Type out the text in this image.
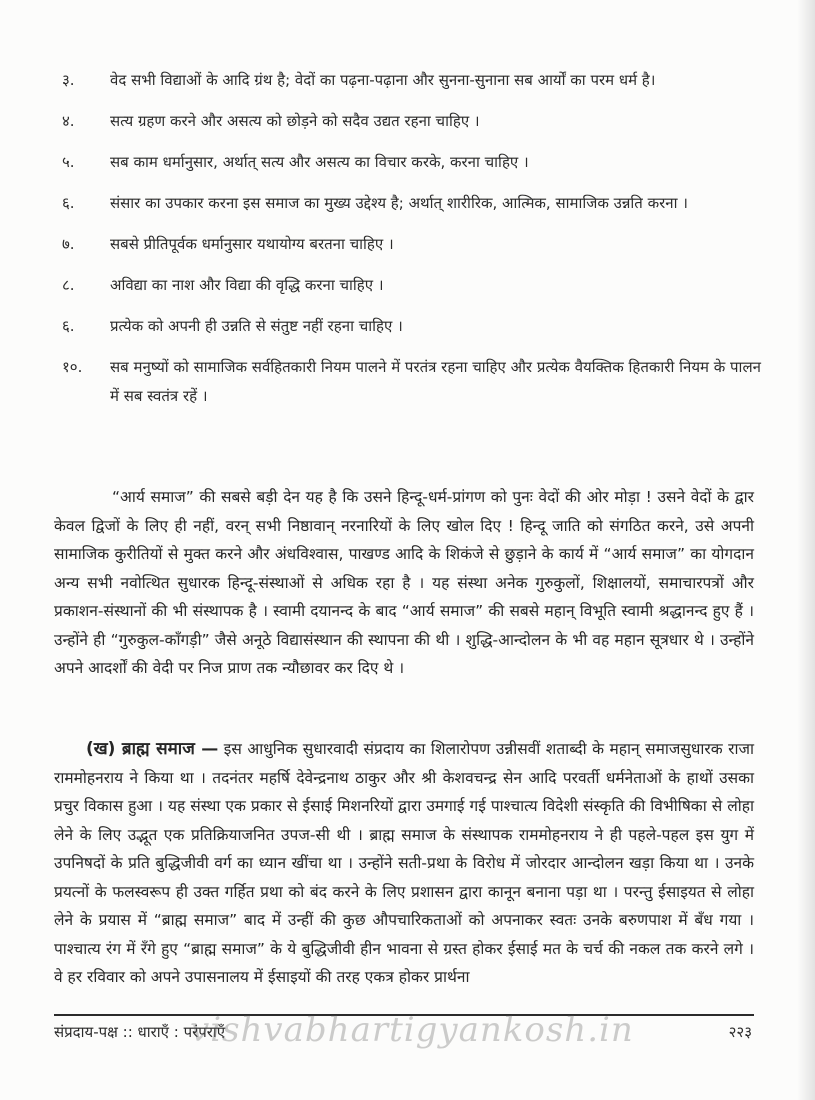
३.	वेद सभी विद्याओं के आदि ग्रंथ है; वेदों का पढ़ना-पढ़ाना और सुनना-सुनाना सब आर्यों का परम धर्म है।
४.	सत्य ग्रहण करने और असत्य को छोड़ने को सदैव उद्यत रहना चाहिए ।
५.	सब काम धर्मानुसार, अर्थात् सत्य और असत्य का विचार करके, करना चाहिए ।
६.	संसार का उपकार करना इस समाज का मुख्य उद्देश्य है; अर्थात् शारीरिक, आत्मिक, सामाजिक उन्नति करना ।
७.	सबसे प्रीतिपूर्वक धर्मानुसार यथायोग्य बरतना चाहिए ।
८.	अविद्या का नाश और विद्या की वृद्धि करना चाहिए ।
६.	प्रत्येक को अपनी ही उन्नति से संतुष्ट नहीं रहना चाहिए ।
१०.	सब मनुष्यों को सामाजिक सर्वहितकारी नियम पालने में परतंत्र रहना चाहिए और प्रत्येक वैयक्तिक हितकारी नियम के पालन में सब स्वतंत्र रहें ।

“आर्य समाज” की सबसे बड़ी देन यह है कि उसने हिन्दू-धर्म-प्रांगण को पुनः वेदों की ओर मोड़ा ! उसने वेदों के द्वार केवल द्विजों के लिए ही नहीं, वरन् सभी निष्ठावान् नरनारियों के लिए खोल दिए ! हिन्दू जाति को संगठित करने, उसे अपनी सामाजिक कुरीतियों से मुक्त करने और अंधविश्वास, पाखण्ड आदि के शिकंजे से छुड़ाने के कार्य में “आर्य समाज” का योगदान अन्य सभी नवोत्थित सुधारक हिन्दू-संस्थाओं से अधिक रहा है । यह संस्था अनेक गुरुकुलों, शिक्षालयों, समाचारपत्रों और प्रकाशन-संस्थानों की भी संस्थापक है । स्वामी दयानन्द के बाद “आर्य समाज” की सबसे महान् विभूति स्वामी श्रद्धानन्द हुए हैं । उन्होंने ही “गुरुकुल-काँगड़ी” जैसे अनूठे विद्यासंस्थान की स्थापना की थी । शुद्धि-आन्दोलन के भी वह महान सूत्रधार थे । उन्होंने अपने आदर्शों की वेदी पर निज प्राण तक न्यौछावर कर दिए थे ।

(ख) ब्राह्म समाज — इस आधुनिक सुधारवादी संप्रदाय का शिलारोपण उन्नीसवीं शताब्दी के महान् समाजसुधारक राजा राममोहनराय ने किया था । तदनंतर महर्षि देवेन्द्रनाथ ठाकुर और श्री केशवचन्द्र सेन आदि परवर्ती धर्मनेताओं के हाथों उसका प्रचुर विकास हुआ । यह संस्था एक प्रकार से ईसाई मिशनरियों द्वारा उमगाई गई पाश्चात्य विदेशी संस्कृति की विभीषिका से लोहा लेने के लिए उद्भूत एक प्रतिक्रियाजनित उपज-सी थी । ब्राह्म समाज के संस्थापक राममोहनराय ने ही पहले-पहल इस युग में उपनिषदों के प्रति बुद्धिजीवी वर्ग का ध्यान खींचा था । उन्होंने सती-प्रथा के विरोध में जोरदार आन्दोलन खड़ा किया था । उनके प्रयत्नों के फलस्वरूप ही उक्त गर्हित प्रथा को बंद करने के लिए प्रशासन द्वारा कानून बनाना पड़ा था । परन्तु ईसाइयत से लोहा लेने के प्रयास में “ब्राह्म समाज” बाद में उन्हीं की कुछ औपचारिकताओं को अपनाकर स्वतः उनके बरुणपाश में बँध गया । पाश्चात्य रंग में रँगे हुए “ब्राह्म समाज” के ये बुद्धिजीवी हीन भावना से ग्रस्त होकर ईसाई मत के चर्च की नकल तक करने लगे । वे हर रविवार को अपने उपासनालय में ईसाइयों की तरह एकत्र होकर प्रार्थना

संप्रदाय-पक्ष :: धाराएँ : परंपराएँ	२२३
vishvabhartigyankosh.in
